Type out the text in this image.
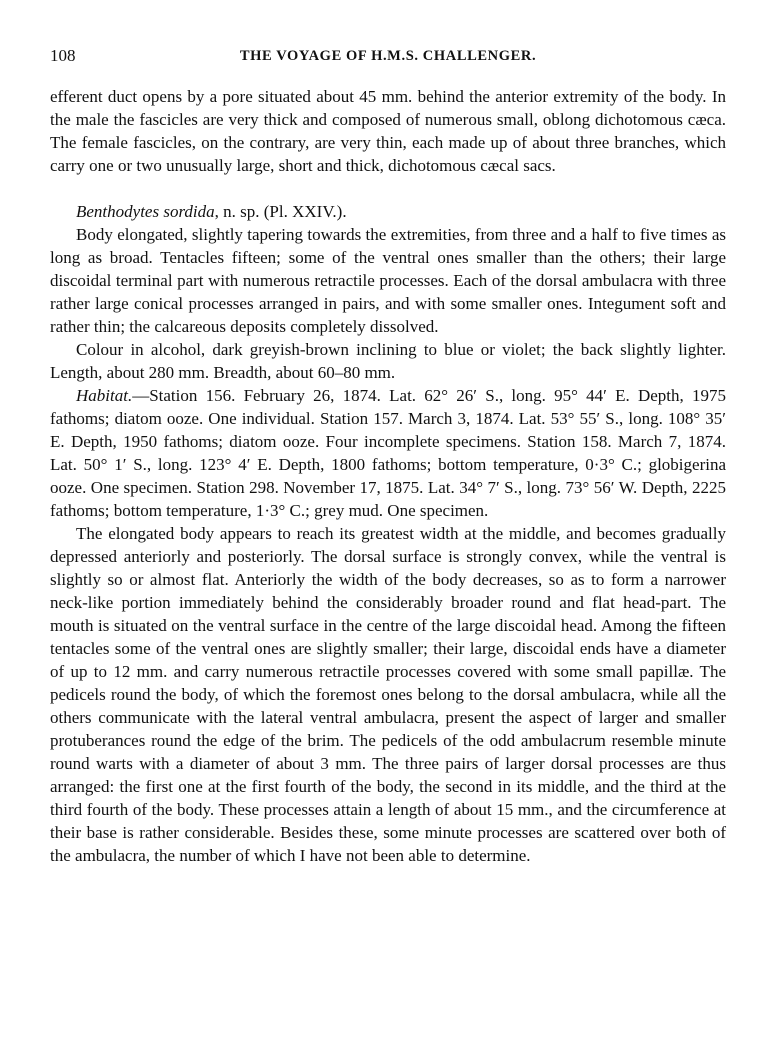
108	THE VOYAGE OF H.M.S. CHALLENGER.

efferent duct opens by a pore situated about 45 mm. behind the anterior extremity of the body. In the male the fascicles are very thick and composed of numerous small, oblong dichotomous cæca. The female fascicles, on the contrary, are very thin, each made up of about three branches, which carry one or two unusually large, short and thick, dichotomous cæcal sacs.

Benthodytes sordida, n. sp. (Pl. XXIV.).

Body elongated, slightly tapering towards the extremities, from three and a half to five times as long as broad. Tentacles fifteen; some of the ventral ones smaller than the others; their large discoidal terminal part with numerous retractile processes. Each of the dorsal ambulacra with three rather large conical processes arranged in pairs, and with some smaller ones. Integument soft and rather thin; the calcareous deposits completely dissolved.

Colour in alcohol, dark greyish-brown inclining to blue or violet; the back slightly lighter. Length, about 280 mm. Breadth, about 60–80 mm.

Habitat.—Station 156. February 26, 1874. Lat. 62° 26′ S., long. 95° 44′ E. Depth, 1975 fathoms; diatom ooze. One individual. Station 157. March 3, 1874. Lat. 53° 55′ S., long. 108° 35′ E. Depth, 1950 fathoms; diatom ooze. Four incomplete specimens. Station 158. March 7, 1874. Lat. 50° 1′ S., long. 123° 4′ E. Depth, 1800 fathoms; bottom temperature, 0·3° C.; globigerina ooze. One specimen. Station 298. November 17, 1875. Lat. 34° 7′ S., long. 73° 56′ W. Depth, 2225 fathoms; bottom temperature, 1·3° C.; grey mud. One specimen.

The elongated body appears to reach its greatest width at the middle, and becomes gradually depressed anteriorly and posteriorly. The dorsal surface is strongly convex, while the ventral is slightly so or almost flat. Anteriorly the width of the body decreases, so as to form a narrower neck-like portion immediately behind the considerably broader round and flat head-part. The mouth is situated on the ventral surface in the centre of the large discoidal head. Among the fifteen tentacles some of the ventral ones are slightly smaller; their large, discoidal ends have a diameter of up to 12 mm. and carry numerous retractile processes covered with some small papillæ. The pedicels round the body, of which the foremost ones belong to the dorsal ambulacra, while all the others communicate with the lateral ventral ambulacra, present the aspect of larger and smaller protuberances round the edge of the brim. The pedicels of the odd ambulacrum resemble minute round warts with a diameter of about 3 mm. The three pairs of larger dorsal processes are thus arranged: the first one at the first fourth of the body, the second in its middle, and the third at the third fourth of the body. These processes attain a length of about 15 mm., and the circumference at their base is rather considerable. Besides these, some minute processes are scattered over both of the ambulacra, the number of which I have not been able to determine.
